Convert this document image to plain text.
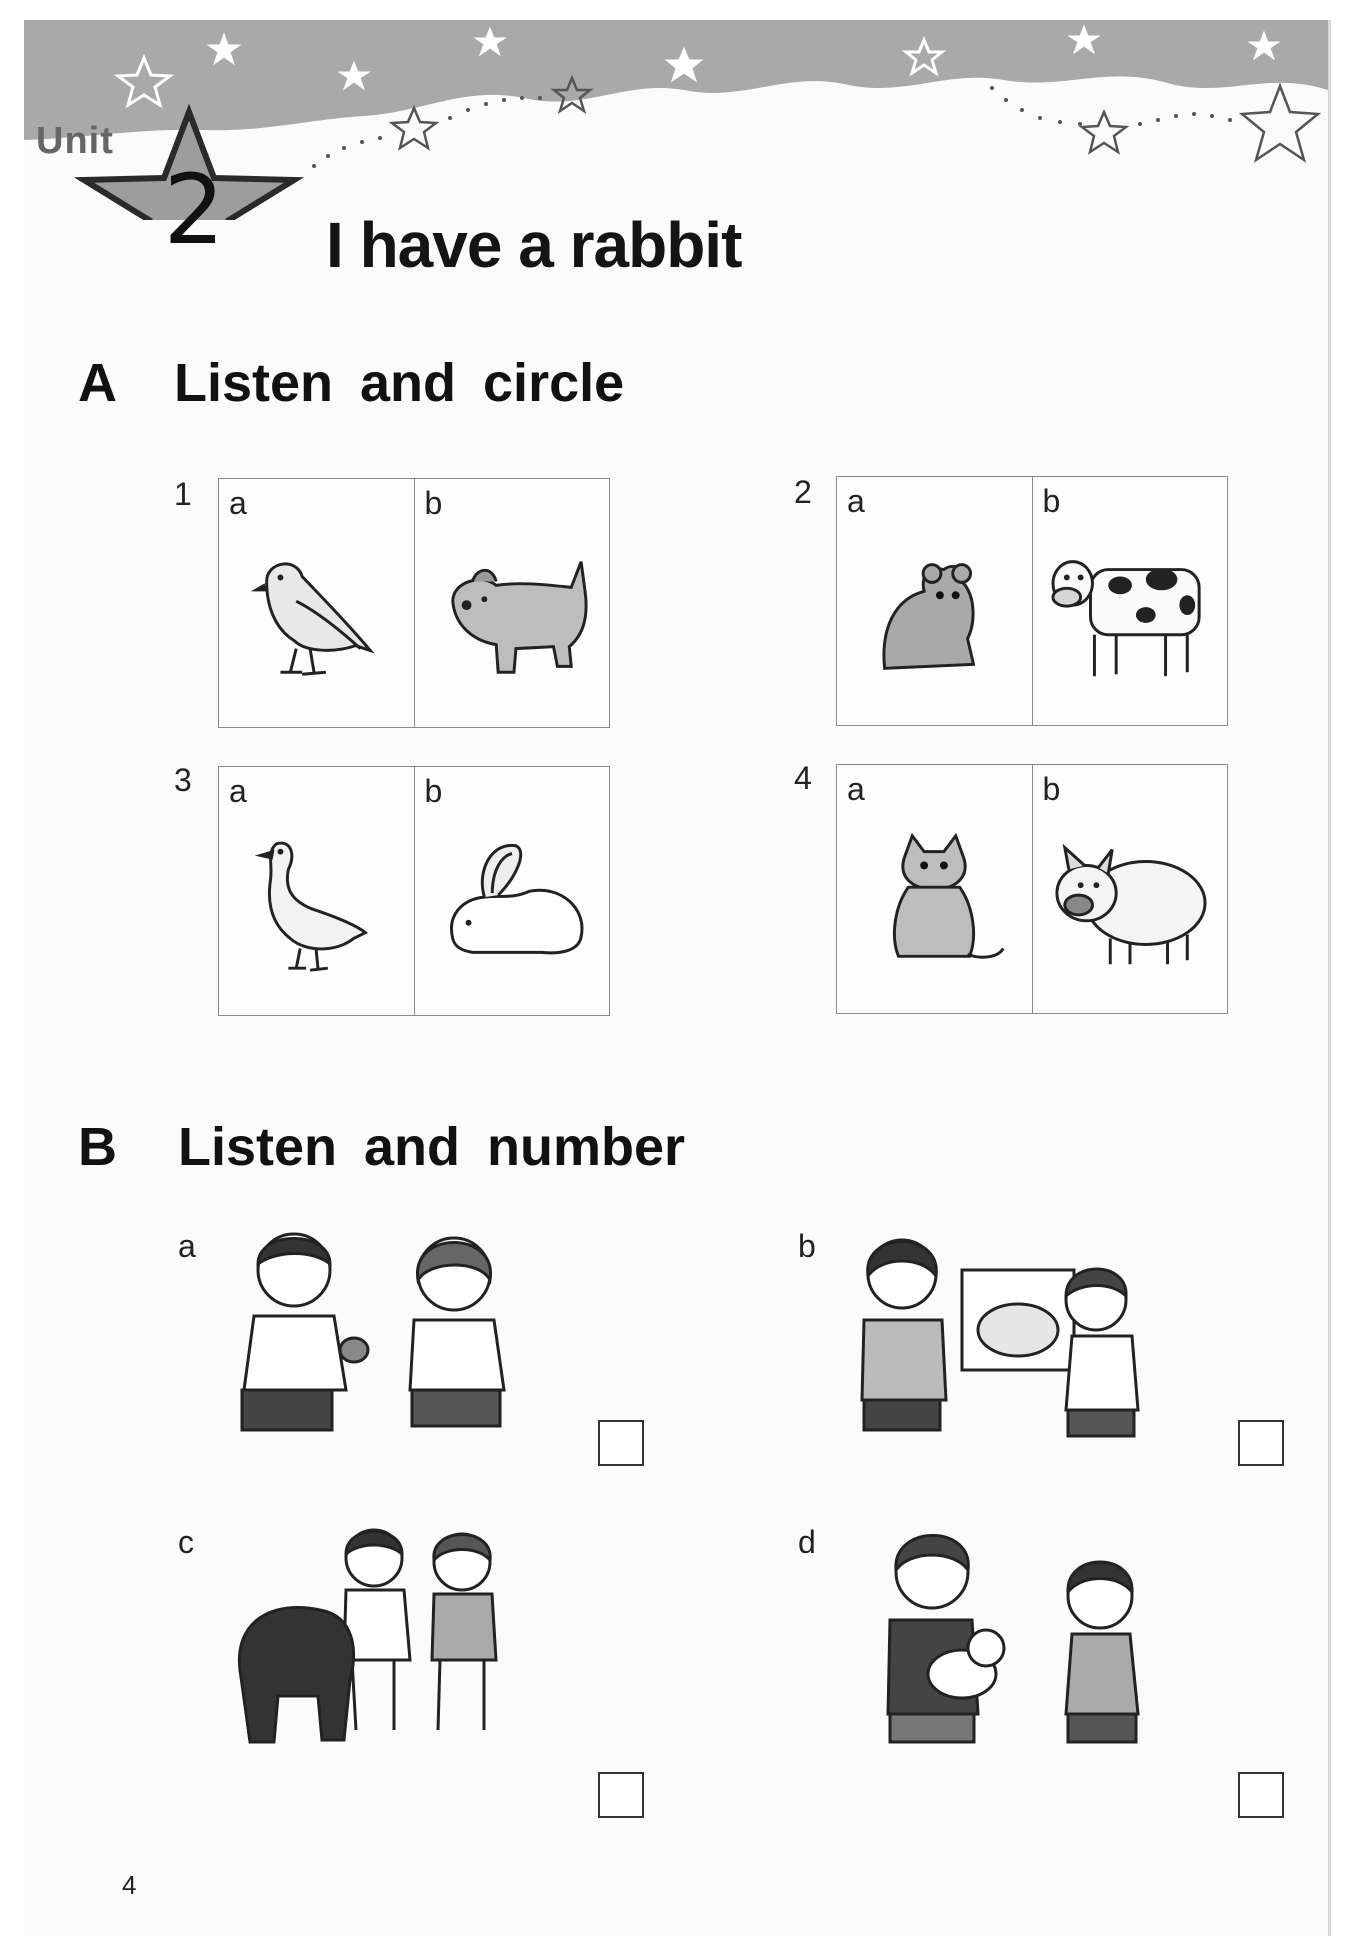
Unit
2 I have a rabbit
A Listen and circle
1 a	b	2 a	b
3 a	b	4 a	b
B Listen and number
a	b
c	d
4
